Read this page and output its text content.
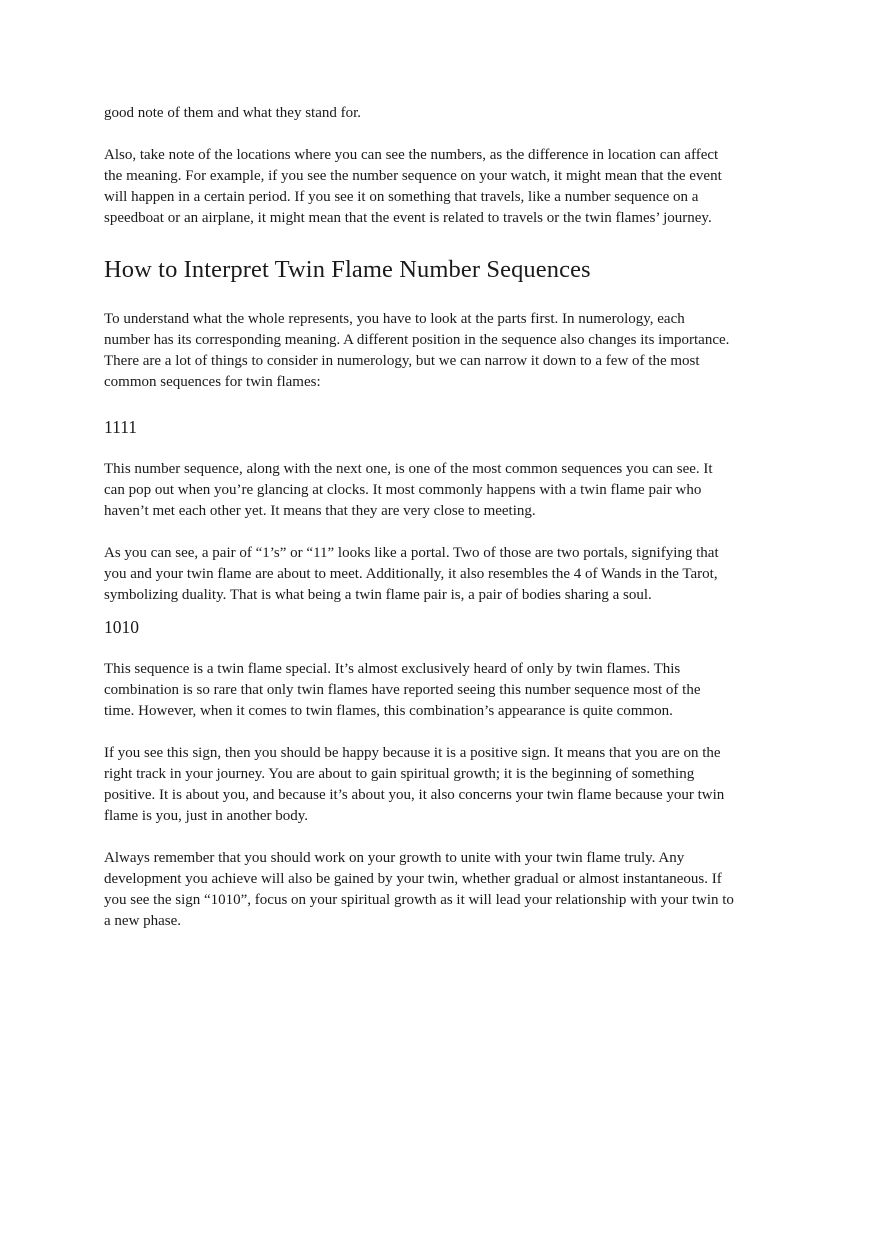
good note of them and what they stand for.

Also, take note of the locations where you can see the numbers, as the difference in location can affect the meaning. For example, if you see the number sequence on your watch, it might mean that the event will happen in a certain period. If you see it on something that travels, like a number sequence on a speedboat or an airplane, it might mean that the event is related to travels or the twin flames’ journey.

How to Interpret Twin Flame Number Sequences

To understand what the whole represents, you have to look at the parts first. In numerology, each number has its corresponding meaning. A different position in the sequence also changes its importance. There are a lot of things to consider in numerology, but we can narrow it down to a few of the most common sequences for twin flames:

1111

This number sequence, along with the next one, is one of the most common sequences you can see. It can pop out when you’re glancing at clocks. It most commonly happens with a twin flame pair who haven’t met each other yet. It means that they are very close to meeting.

As you can see, a pair of “1’s” or “11” looks like a portal. Two of those are two portals, signifying that you and your twin flame are about to meet. Additionally, it also resembles the 4 of Wands in the Tarot, symbolizing duality. That is what being a twin flame pair is, a pair of bodies sharing a soul.

1010

This sequence is a twin flame special. It’s almost exclusively heard of only by twin flames. This combination is so rare that only twin flames have reported seeing this number sequence most of the time. However, when it comes to twin flames, this combination’s appearance is quite common.

If you see this sign, then you should be happy because it is a positive sign. It means that you are on the right track in your journey. You are about to gain spiritual growth; it is the beginning of something positive. It is about you, and because it’s about you, it also concerns your twin flame because your twin flame is you, just in another body.

Always remember that you should work on your growth to unite with your twin flame truly. Any development you achieve will also be gained by your twin, whether gradual or almost instantaneous. If you see the sign “1010”, focus on your spiritual growth as it will lead your relationship with your twin to a new phase.
